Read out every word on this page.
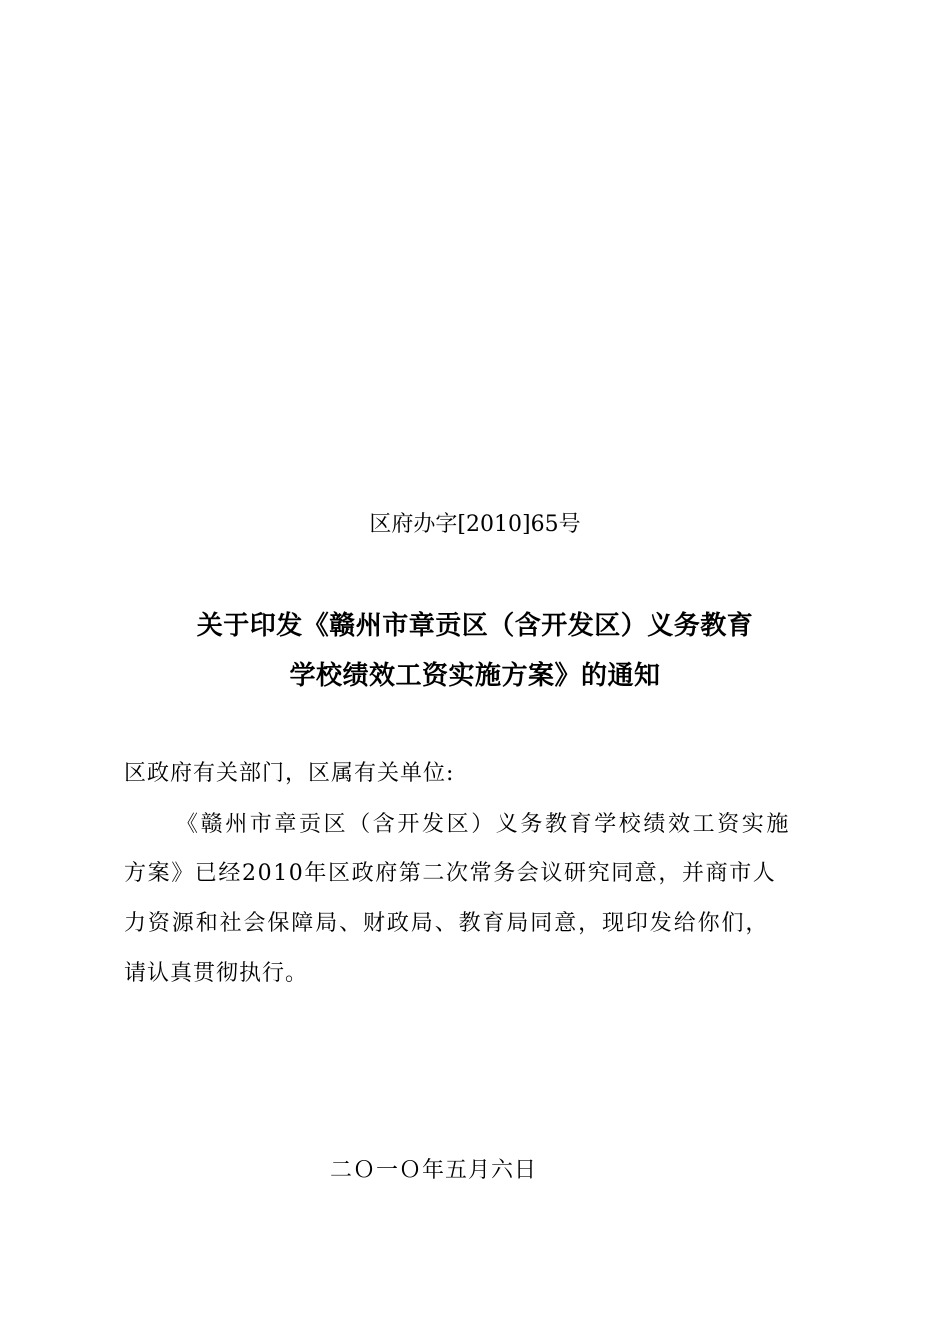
区府办字[2010]65号
关于印发《赣州市章贡区（含开发区）义务教育
学校绩效工资实施方案》的通知
区政府有关部门，区属有关单位:
《赣州市章贡区（含开发区）义务教育学校绩效工资实施
方案》已经2010年区政府第二次常务会议研究同意，并商市人
力资源和社会保障局、财政局、教育局同意，现印发给你们，
请认真贯彻执行。
二Ｏ一Ｏ年五月六日
